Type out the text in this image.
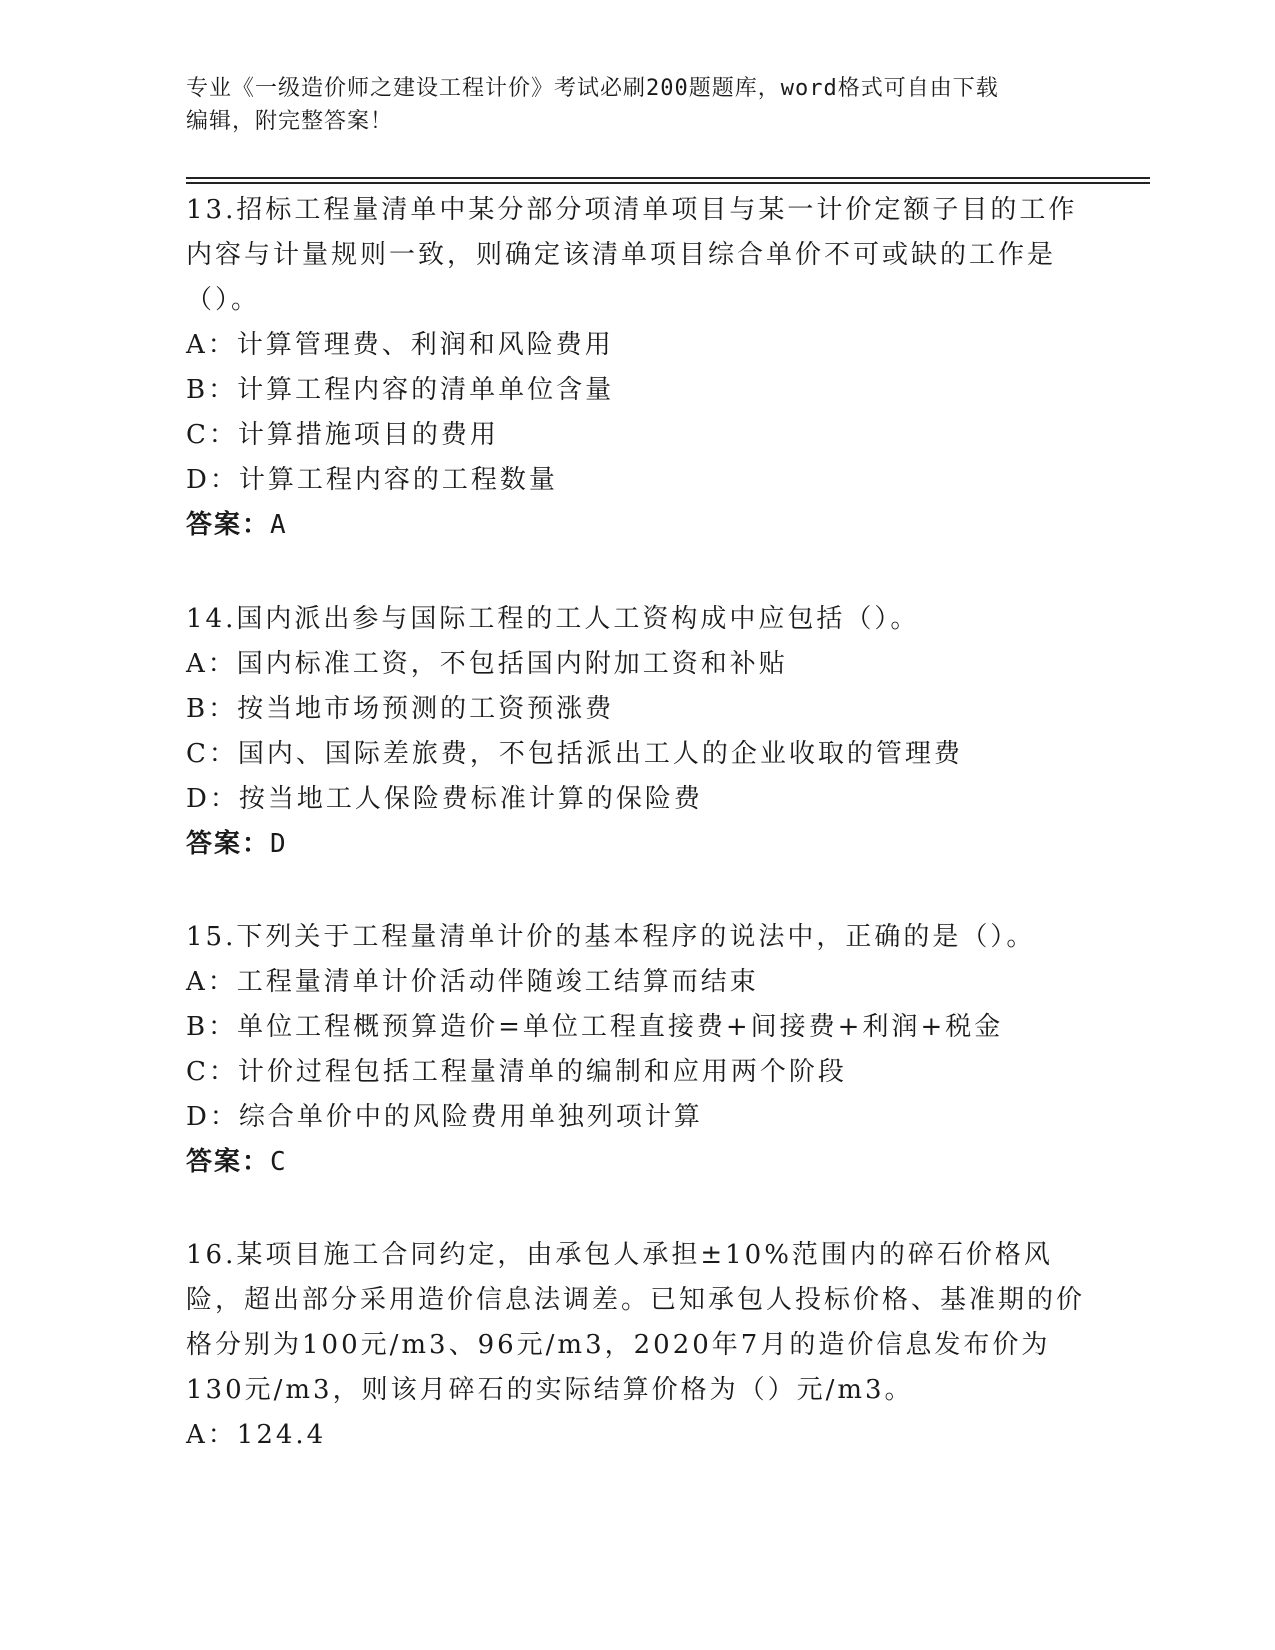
专业《一级造价师之建设工程计价》考试必刷200题题库，word格式可自由下载
编辑，附完整答案！

13.招标工程量清单中某分部分项清单项目与某一计价定额子目的工作内容与计量规则一致，则确定该清单项目综合单价不可或缺的工作是（）。

A：计算管理费、利润和风险费用

B：计算工程内容的清单单位含量

C：计算措施项目的费用

D：计算工程内容的工程数量

答案：A

14.国内派出参与国际工程的工人工资构成中应包括（）。

A：国内标准工资，不包括国内附加工资和补贴

B：按当地市场预测的工资预涨费

C：国内、国际差旅费，不包括派出工人的企业收取的管理费

D：按当地工人保险费标准计算的保险费

答案：D

15.下列关于工程量清单计价的基本程序的说法中，正确的是（）。

A：工程量清单计价活动伴随竣工结算而结束

B：单位工程概预算造价=单位工程直接费+间接费+利润+税金

C：计价过程包括工程量清单的编制和应用两个阶段

D：综合单价中的风险费用单独列项计算

答案：C

16.某项目施工合同约定，由承包人承担±10%范围内的碎石价格风险，超出部分采用造价信息法调差。已知承包人投标价格、基准期的价格分别为100元/m3、96元/m3，2020年7月的造价信息发布价为130元/m3，则该月碎石的实际结算价格为（）元/m3。

A：124.4
